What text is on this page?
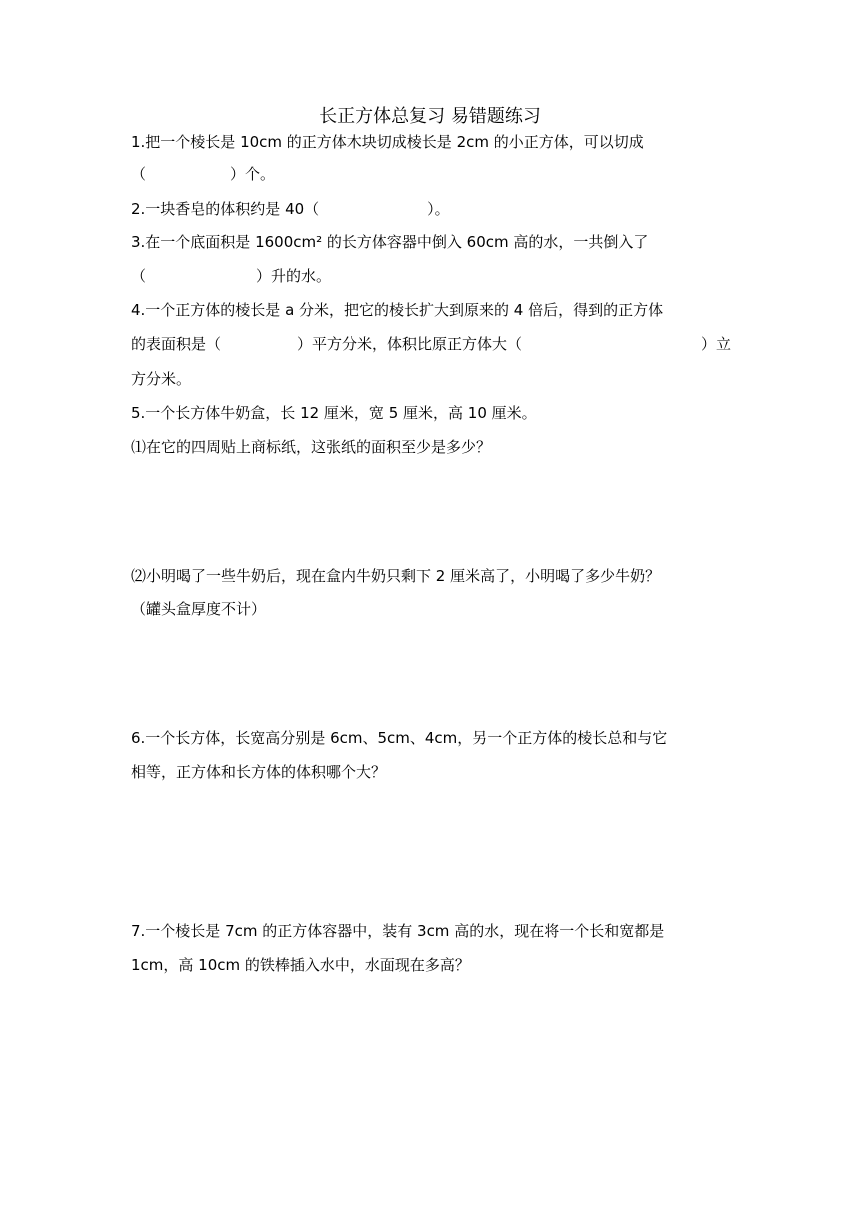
长正方体总复习 易错题练习
1.把一个棱长是 10cm 的正方体木块切成棱长是 2cm 的小正方体，可以切成
（	）个。
2.一块香皂的体积约是 40（	）。
3.在一个底面积是 1600cm² 的长方体容器中倒入 60cm 高的水，一共倒入了
（	）升的水。
4.一个正方体的棱长是 a 分米，把它的棱长扩大到原来的 4 倍后，得到的正方体
的表面积是（	）平方分米，体积比原正方体大（	）立
方分米。
5.一个长方体牛奶盒，长 12 厘米，宽 5 厘米，高 10 厘米。
⑴在它的四周贴上商标纸，这张纸的面积至少是多少？
⑵小明喝了一些牛奶后，现在盒内牛奶只剩下 2 厘米高了，小明喝了多少牛奶？
（罐头盒厚度不计）
6.一个长方体，长宽高分别是 6cm、5cm、4cm，另一个正方体的棱长总和与它
相等，正方体和长方体的体积哪个大？
7.一个棱长是 7cm 的正方体容器中，装有 3cm 高的水，现在将一个长和宽都是
1cm，高 10cm 的铁棒插入水中，水面现在多高？
